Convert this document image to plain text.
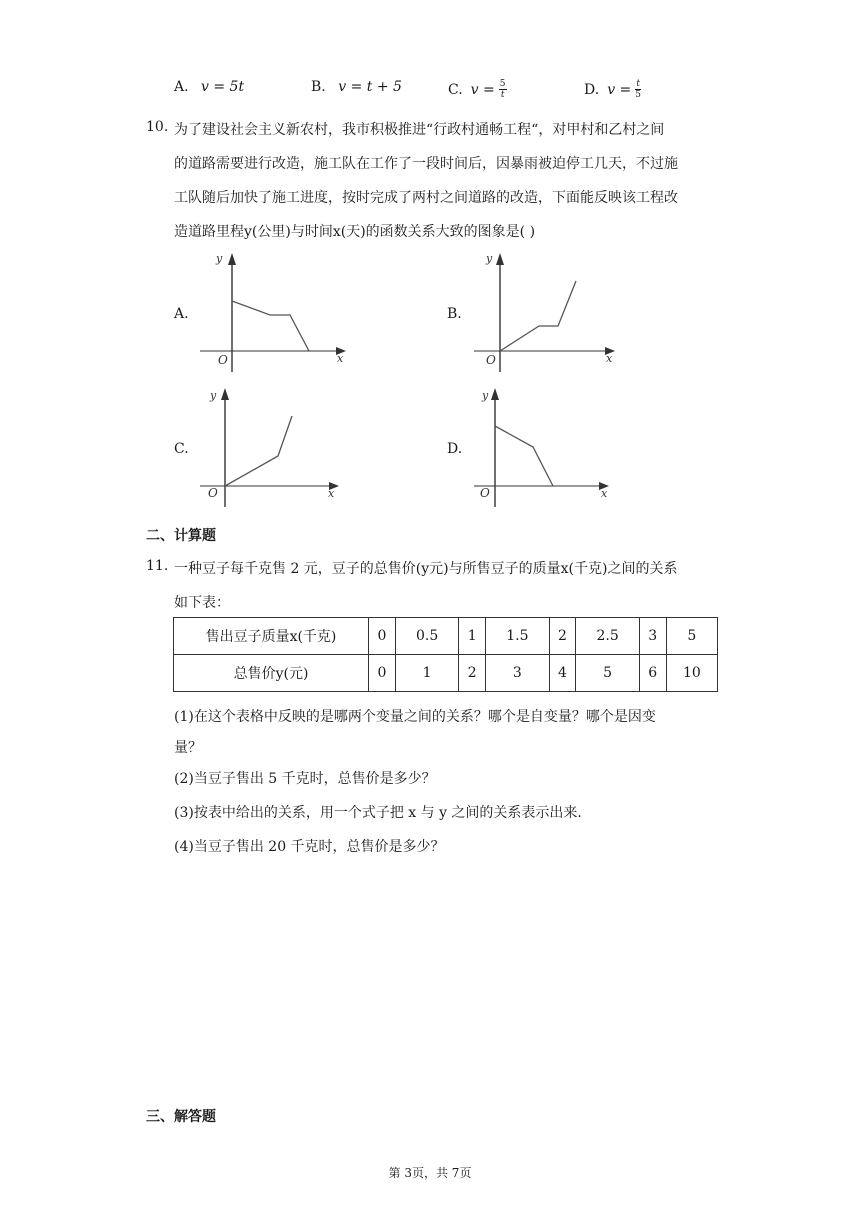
A. v = 5t	B. v = t + 5	C. $v = \frac{5}{t}$	D. $v = \frac{t}{5}$
10. 为了建设社会主义新农村，我市积极推进“行政村通畅工程“，对甲村和乙村之间
的道路需要进行改造，施工队在工作了一段时间后，因暴雨被迫停工几天，不过施
工队随后加快了施工进度，按时完成了两村之间道路的改造，下面能反映该工程改
造道路里程y(公里)与时间x(天)的函数关系大致的图象是( )
A.
y
x
O
B.
y
x
O
C.
y
x
O
D.
y
x
O
二、计算题
11. 一种豆子每千克售 2 元，豆子的总售价(y元)与所售豆子的质量x(千克)之间的关系
如下表：
售出豆子质量x(千克)	0	0.5	1	1.5	2	2.5	3	5
总售价y(元)	0	1	2	3	4	5	6	10
(1)在这个表格中反映的是哪两个变量之间的关系？哪个是自变量？哪个是因变
量？
(2)当豆子售出 5 千克时，总售价是多少？
(3)按表中给出的关系，用一个式子把 x 与 y 之间的关系表示出来.
(4)当豆子售出 20 千克时，总售价是多少？
三、解答题
第 3页，共 7页
